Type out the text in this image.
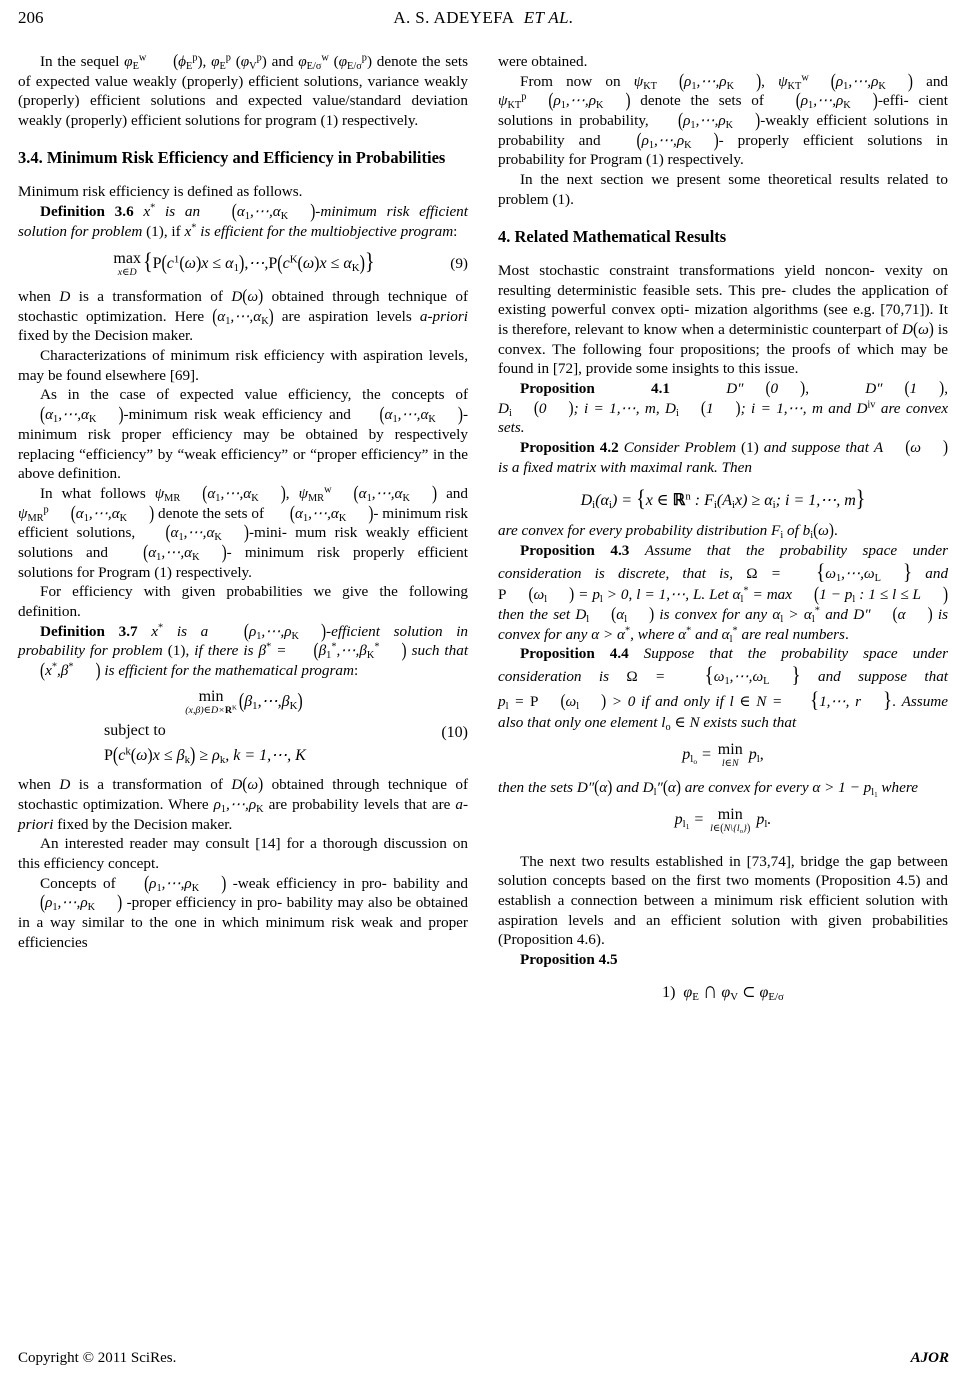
206	A. S. ADEYEFA ET AL.

In the sequel $\varphi_E^w$ $(\phi_E^p)$, $\varphi_E^p$ $(\varphi_V^p)$ and $\varphi_{E/\sigma}^w$ $(\varphi_{E/\sigma}^p)$ denote the sets of expected value weakly (properly) efficient solutions, variance weakly (properly) efficient solutions and expected value/standard deviation weakly (properly) efficient solutions for program (1) respectively.

3.4. Minimum Risk Efficiency and Efficiency in Probabilities

Minimum risk efficiency is defined as follows.

Definition 3.6 x* is an ($\alpha_1,\cdots,\alpha_K$ )-minimum risk efficient solution for problem (1), if x* is efficient for the multiobjective program:

max
x∈D {$P(c^1(\omega)x$ ≤ $\alpha_1),\cdots,P(c^K(\omega)x \le \alpha_K)$}	(9)

when D is a transformation of D(ω) obtained through technique of stochastic optimization. Here $(\alpha_1,\cdots,\alpha_K)$ are aspiration levels a-priori fixed by the Decision maker.

Characterizations of minimum risk efficiency with aspiration levels, may be found elsewhere [69].

As in the case of expected value efficiency, the concepts of ($\alpha_1,\cdots,\alpha_K$ )-minimum risk weak efficiency and ($\alpha_1,\cdots,\alpha_K$ )-minimum risk proper efficiency may be obtained by respectively replacing “efficiency” by “weak efficiency” or “proper efficiency” in the above definition.

In what follows $\psi_{MR}$ ($\alpha_1,\cdots,\alpha_K$ ), $\psi_{MR}^w$ ($\alpha_1,\cdots,\alpha_K$ ) and $\psi_{MR}^p$ ($\alpha_1,\cdots,\alpha_K$ ) denote the sets of ($\alpha_1,\cdots,\alpha_K$ )- minimum risk efficient solutions, ($\alpha_1,\cdots,\alpha_K$ )-mini- mum risk weakly efficient solutions and ($\alpha_1,\cdots,\alpha_K$ )- minimum risk properly efficient solutions for Program (1) respectively.

For efficiency with given probabilities we give the following definition.

Definition 3.7 x* is a ($\rho_1,\cdots,\rho_K$ )-efficient solution in probability for problem (1), if there is $\beta^* = (\beta_1^*,\cdots,\beta_K^*$ ) such that (x*,β* ) is efficient for the mathematical program:

min
$(x,\beta)\in D\times R^K$ $(\beta_1,\cdots,\beta_K)$
subject to	(10)
$P(c^k(\omega)x \le \beta_k) \ge \rho_k$, k = 1,⋯, K

when D is a transformation of D(ω) obtained through technique of stochastic optimization. Where $\rho_1,\cdots,\rho_K$ are probability levels that are a-priori fixed by the Decision maker.

An interested reader may consult [14] for a thorough discussion on this efficiency concept.

Concepts of ($\rho_1,\cdots,\rho_K$ ) -weak efficiency in pro- bability and ($\rho_1,\cdots,\rho_K$ ) -proper efficiency in pro- bability may also be obtained in a way similar to the one in which minimum risk weak and proper efficiencies

were obtained.

From now on $\psi_{KT}$ ($\rho_1,\cdots,\rho_K$ ), $\psi_{KT}^w$ ($\rho_1,\cdots,\rho_K$ ) and $\psi_{KT}^p$ ($\rho_1,\cdots,\rho_K$ ) denote the sets of ($\rho_1,\cdots,\rho_K$ )-effi- cient solutions in probability, ($\rho_1,\cdots,\rho_K$ )-weakly efficient solutions in probability and ($\rho_1,\cdots,\rho_K$ )- properly efficient solutions in probability for Program (1) respectively.

In the next section we present some theoretical results related to problem (1).

4. Related Mathematical Results

Most stochastic constraint transformations yield noncon- vexity on resulting deterministic feasible sets. This pre- cludes the application of existing powerful convex opti- mization algorithms (see e.g. [70,71]). It is therefore, relevant to know when a deterministic counterpart of D(ω) is convex. The following four propositions; the proofs of which may be found in [72], provide some insights to this issue.

Proposition 4.1	D″ (0 ), D″ (1 ), $D_i$ (0 ); i = 1,⋯, m, $D_i$ (1 ); i = 1,⋯, m and $D^{iv}$ are convex sets.

Proposition 4.2 Consider Problem (1) and suppose that A (ω ) is a fixed matrix with maximal rank. Then

$D_i(\alpha_i) = \{x$ ∈ ℝ$^n$ : $F_i(A_ix) \ge \alpha_i$; i = 1,⋯, m}

are convex for every probability distribution $F_i$ of $b_i(\omega)$.

Proposition 4.3 Assume that the probability space under consideration is discrete, that is, $\Omega = \{\omega_1,\cdots,\omega_L$ } and P ($\omega_l$ ) = $p_l > 0$, l = 1,⋯, L. Let $\alpha_l^* = \max (1 - p_l$ : 1 ≤ l ≤ L ) then the set $D_l$ ($\alpha_l$ ) is convex for any $\alpha_l > \alpha_l^*$ and D″ (α ) is convex for any α > α*, where α* and $\alpha_l^*$ are real numbers.

Proposition 4.4 Suppose that the probability space under consideration is $\Omega = \{\omega_1,\cdots,\omega_L$ } and suppose that $p_l = P$ ($\omega_l$ ) > 0 if and only if l ∈ N = {1,⋯, r }. Assume also that only one element $l_o$ ∈ N exists such that

$p_{l_o} = \min$
l∈N
$p_l$,

then the sets D″(α) and $D_l''(\alpha)$ are convex for every $\alpha > 1 - p_{l_1}$ where

$p_{l_1} = \min$
$l\in(N\backslash\{l_o\})$
$p_l$.

The next two results established in [73,74], bridge the gap between solution concepts based on the first two moments (Proposition 4.5) and establish a connection between a minimum risk efficient solution with aspiration levels and an efficient solution with given probabilities (Proposition 4.6).

Proposition 4.5

1) $\varphi_E$ ∩ $\varphi_V$ ⊂ $\varphi_{E/\sigma}$
Copyright © 2011 SciRes.	AJOR
